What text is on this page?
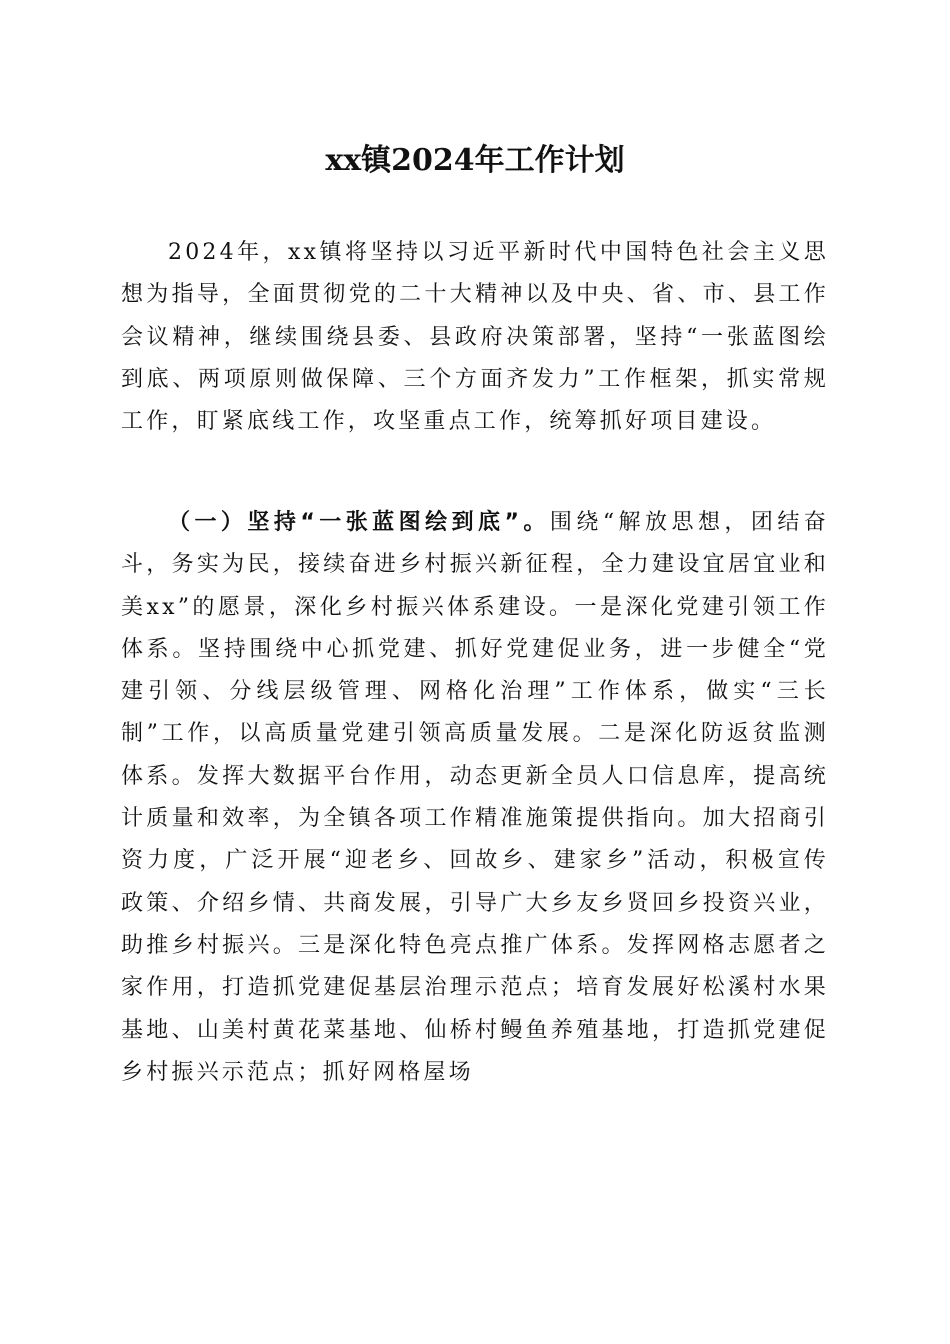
xx镇2024年工作计划

2024年，xx镇将坚持以习近平新时代中国特色社会主义思想为指导，全面贯彻党的二十大精神以及中央、省、市、县工作会议精神，继续围绕县委、县政府决策部署，坚持“一张蓝图绘到底、两项原则做保障、三个方面齐发力”工作框架，抓实常规工作，盯紧底线工作，攻坚重点工作，统筹抓好项目建设。

（一）坚持“一张蓝图绘到底”。围绕“解放思想，团结奋斗，务实为民，接续奋进乡村振兴新征程，全力建设宜居宜业和美xx”的愿景，深化乡村振兴体系建设。一是深化党建引领工作体系。坚持围绕中心抓党建、抓好党建促业务，进一步健全“党建引领、分线层级管理、网格化治理”工作体系，做实“三长制”工作，以高质量党建引领高质量发展。二是深化防返贫监测体系。发挥大数据平台作用，动态更新全员人口信息库，提高统计质量和效率，为全镇各项工作精准施策提供指向。加大招商引资力度，广泛开展“迎老乡、回故乡、建家乡”活动，积极宣传政策、介绍乡情、共商发展，引导广大乡友乡贤回乡投资兴业，助推乡村振兴。三是深化特色亮点推广体系。发挥网格志愿者之家作用，打造抓党建促基层治理示范点；培育发展好松溪村水果基地、山美村黄花菜基地、仙桥村鳗鱼养殖基地，打造抓党建促乡村振兴示范点；抓好网格屋场
